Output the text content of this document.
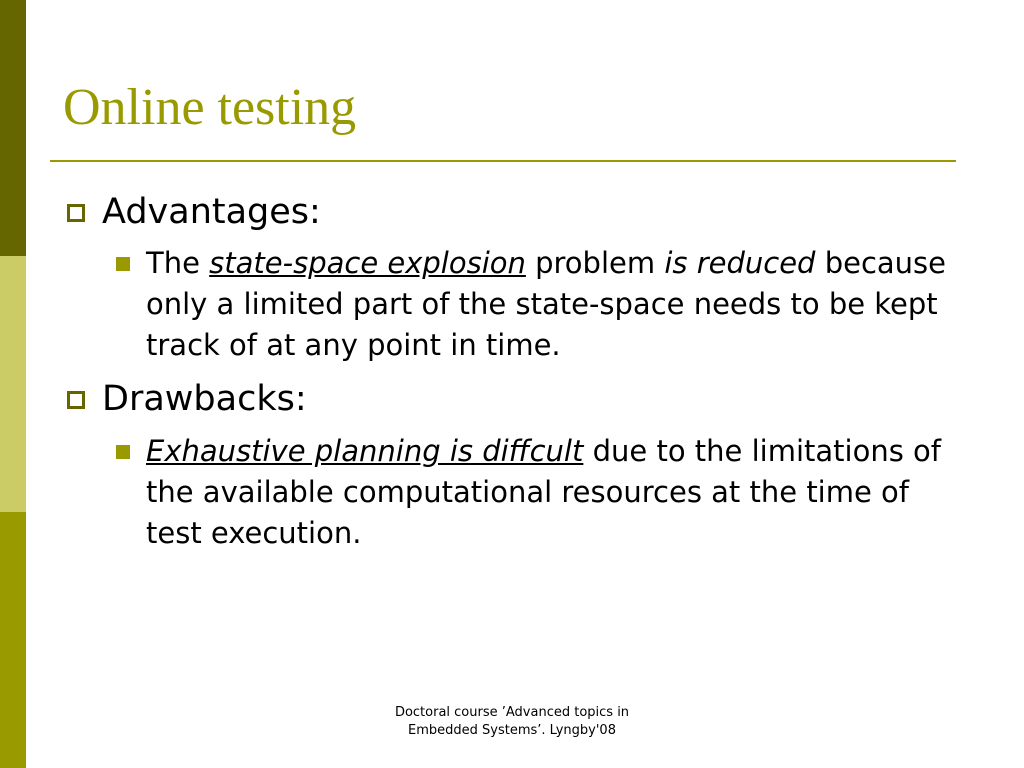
Online testing
Advantages:
The state-space explosion problem is reduced because only a limited part of the state-space needs to be kept track of at any point in time.
Drawbacks:
Exhaustive planning is diffcult due to the limitations of the available computational resources at the time of test execution.
Doctoral course ’Advanced topics in
Embedded Systems’. Lyngby'08
